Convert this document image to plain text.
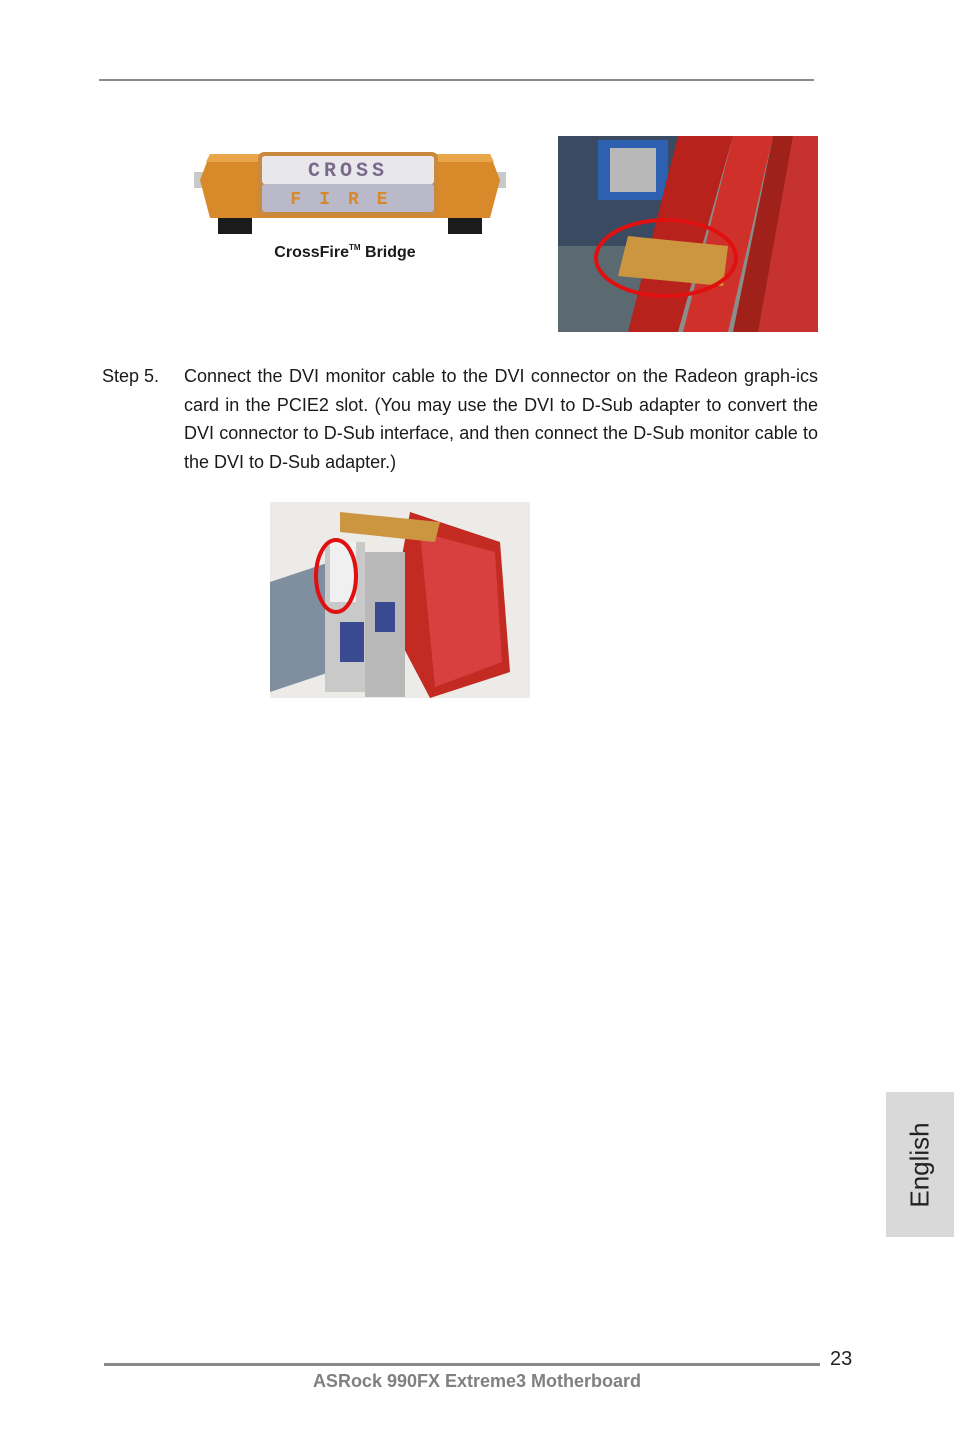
CROSS
FIRE
CrossFire™ Bridge
Step 5. Connect the DVI monitor cable to the DVI connector on the Radeon graph-ics card in the PCIE2 slot. (You may use the DVI to D-Sub adapter to convert the DVI connector to D-Sub interface, and then connect the D-Sub monitor cable to the DVI to D-Sub adapter.)
English
23
ASRock 990FX Extreme3 Motherboard
